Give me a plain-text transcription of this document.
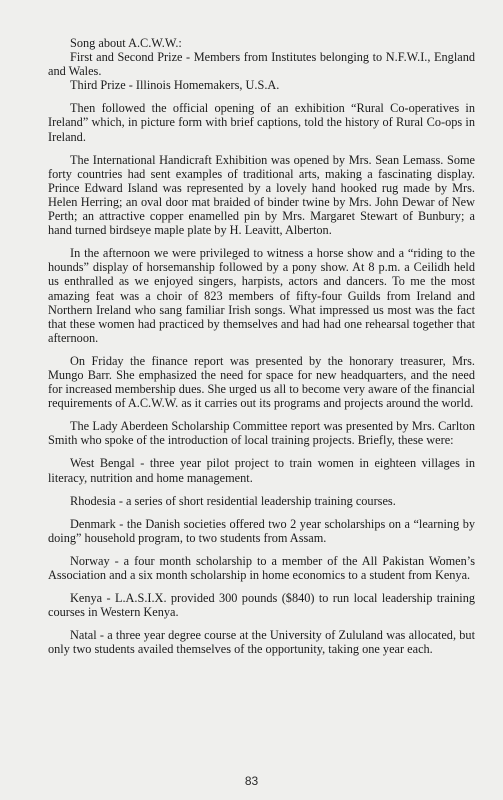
Song about A.C.W.W.:

First and Second Prize - Members from Institutes belonging to N.F.W.I., England and Wales.

Third Prize - Illinois Homemakers, U.S.A.

Then followed the official opening of an exhibition “Rural Co-operatives in Ireland” which, in picture form with brief captions, told the history of Rural Co-ops in Ireland.

The International Handicraft Exhibition was opened by Mrs. Sean Lemass. Some forty countries had sent examples of traditional arts, making a fascinating display. Prince Edward Island was represented by a lovely hand hooked rug made by Mrs. Helen Herring; an oval door mat braided of binder twine by Mrs. John Dewar of New Perth; an attractive copper enamelled pin by Mrs. Margaret Stewart of Bunbury; a hand turned birdseye maple plate by H. Leavitt, Alberton.

In the afternoon we were privileged to witness a horse show and a “riding to the hounds” display of horsemanship followed by a pony show. At 8 p.m. a Ceilidh held us enthralled as we enjoyed singers, harpists, actors and dancers. To me the most amazing feat was a choir of 823 members of fifty-four Guilds from Ireland and Northern Ireland who sang familiar Irish songs. What impressed us most was the fact that these women had practiced by themselves and had had one rehearsal together that afternoon.

On Friday the finance report was presented by the honorary treasurer, Mrs. Mungo Barr. She emphasized the need for space for new headquarters, and the need for increased membership dues. She urged us all to become very aware of the financial requirements of A.C.W.W. as it carries out its programs and projects around the world.

The Lady Aberdeen Scholarship Committee report was presented by Mrs. Carlton Smith who spoke of the introduction of local training projects. Briefly, these were:

West Bengal - three year pilot project to train women in eighteen villages in literacy, nutrition and home management.

Rhodesia - a series of short residential leadership training courses.

Denmark - the Danish societies offered two 2 year scholarships on a “learning by doing” household program, to two students from Assam.

Norway - a four month scholarship to a member of the All Pakistan Women’s Association and a six month scholarship in home economics to a student from Kenya.

Kenya - L.A.S.I.X. provided 300 pounds ($840) to run local leadership training courses in Western Kenya.

Natal - a three year degree course at the University of Zululand was allocated, but only two students availed themselves of the opportunity, taking one year each.

83
